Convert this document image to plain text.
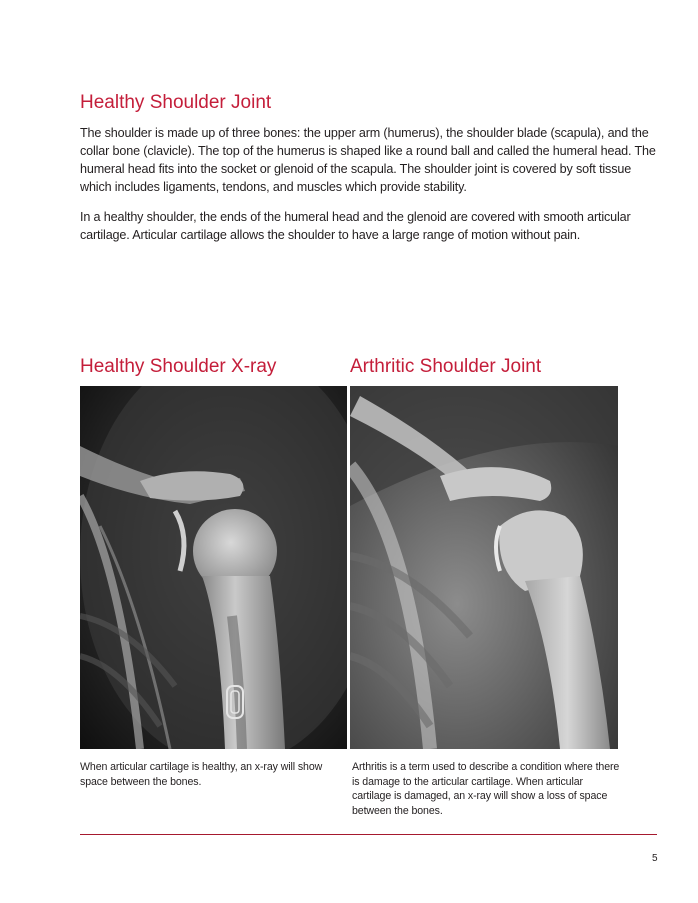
Healthy Shoulder Joint

The shoulder is made up of three bones: the upper arm (humerus), the shoulder blade (scapula), and the collar bone (clavicle). The top of the humerus is shaped like a round ball and called the humeral head. The humeral head fits into the socket or glenoid of the scapula. The shoulder joint is covered by soft tissue which includes ligaments, tendons, and muscles which provide stability.

In a healthy shoulder, the ends of the humeral head and the glenoid are covered with smooth articular cartilage. Articular cartilage allows the shoulder to have a large range of motion without pain.

Healthy Shoulder X-ray	Arthritic Shoulder Joint

When articular cartilage is healthy, an x-ray will show space between the bones.

Arthritis is a term used to describe a condition where there is damage to the articular cartilage. When articular cartilage is damaged, an x-ray will show a loss of space between the bones.

5
